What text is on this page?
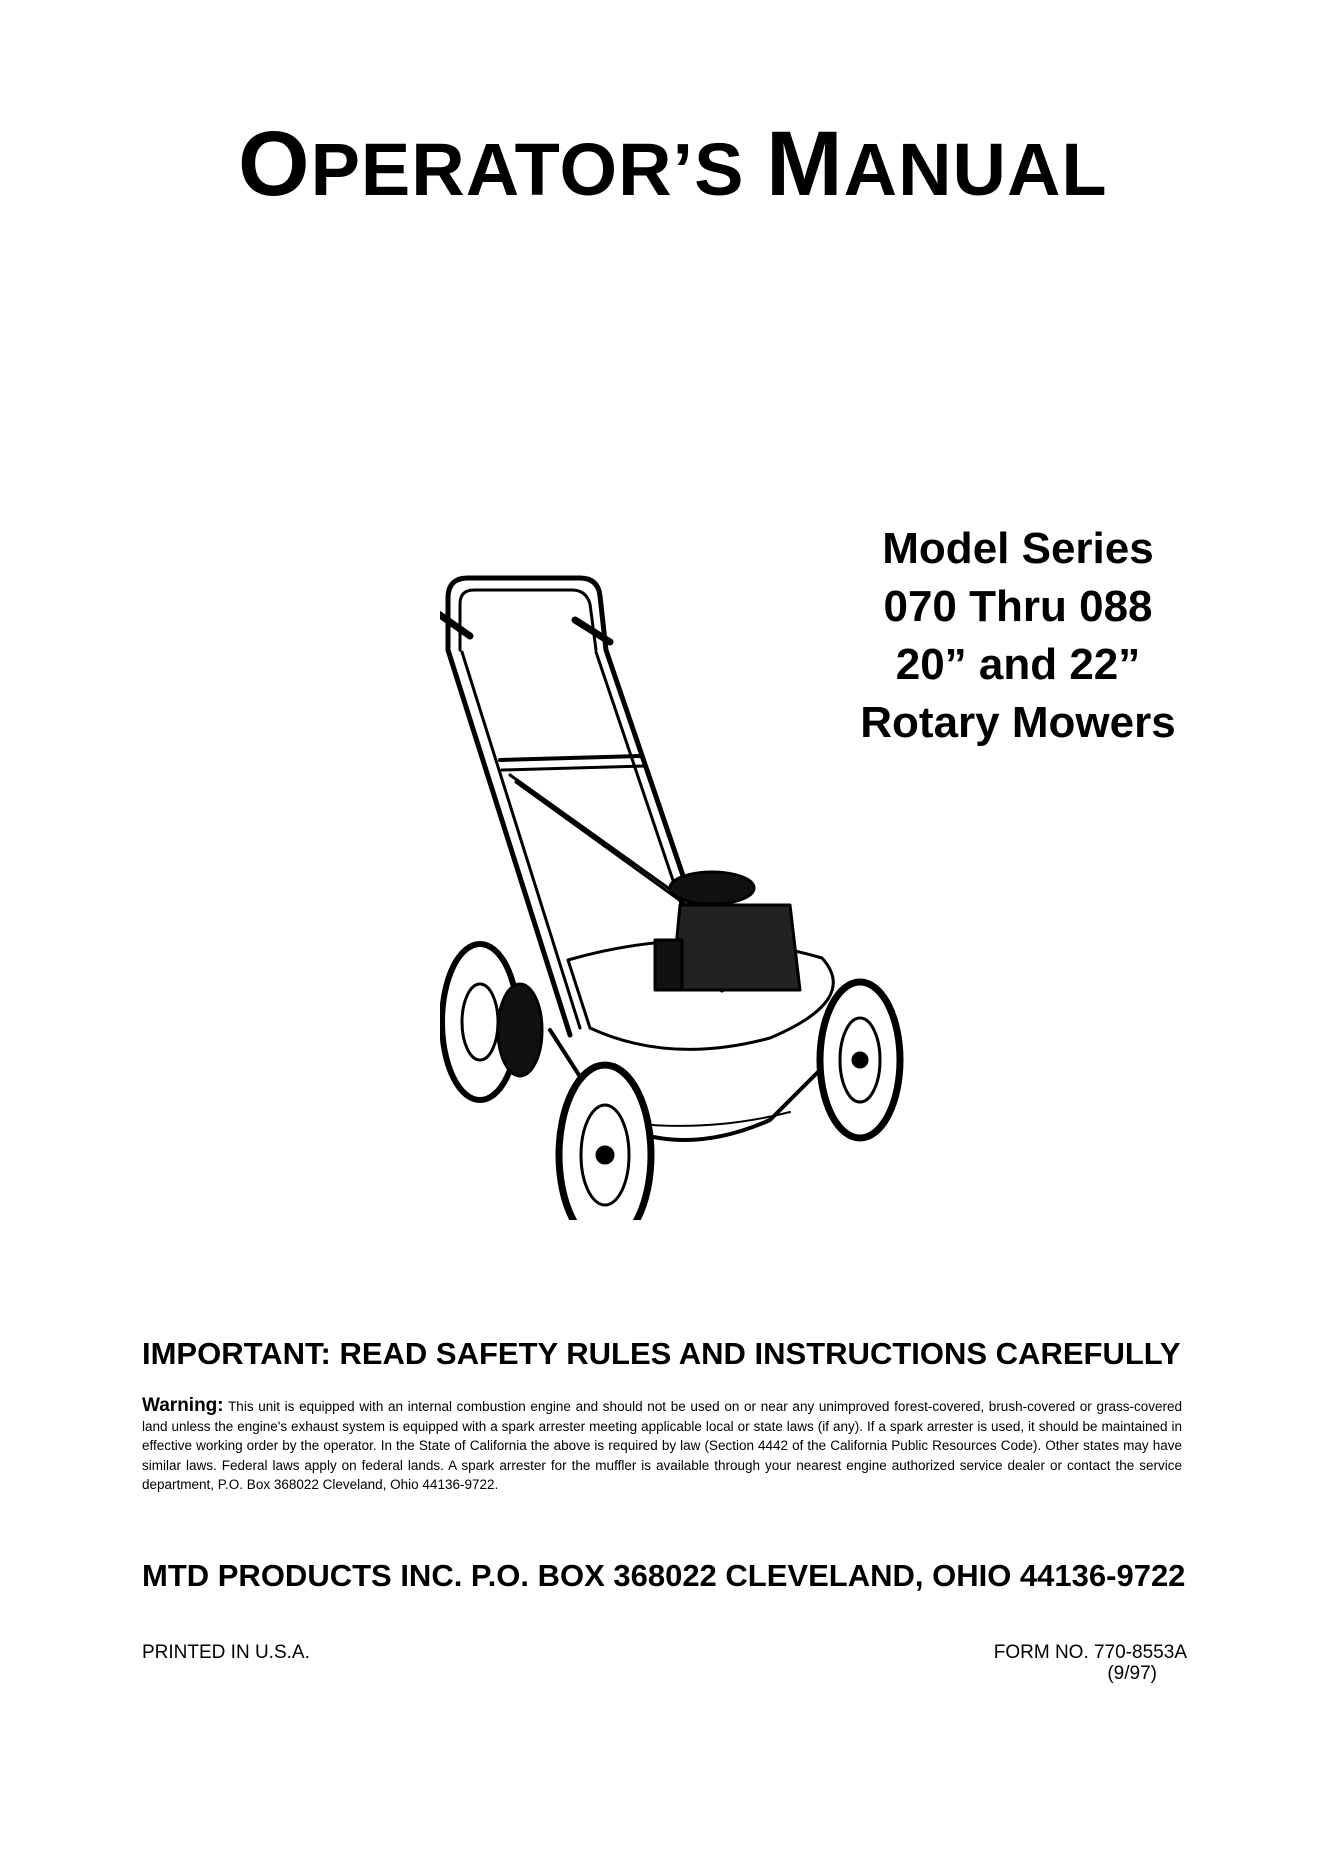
OPERATOR’S MANUAL
Model Series
070 Thru 088
20” and 22”
Rotary Mowers
IMPORTANT: READ SAFETY RULES AND INSTRUCTIONS CAREFULLY
Warning: This unit is equipped with an internal combustion engine and should not be used on or near any unimproved forest-covered, brush-covered or grass-covered land unless the engine's exhaust system is equipped with a spark arrester meeting applicable local or state laws (if any). If a spark arrester is used, it should be maintained in effective working order by the operator. In the State of California the above is required by law (Section 4442 of the California Public Resources Code). Other states may have similar laws. Federal laws apply on federal lands. A spark arrester for the muffler is available through your nearest engine authorized service dealer or contact the service department, P.O. Box 368022 Cleveland, Ohio 44136-9722.
MTD PRODUCTS INC. P.O. BOX 368022 CLEVELAND, OHIO 44136-9722
PRINTED IN U.S.A.	FORM NO. 770-8553A
(9/97)
